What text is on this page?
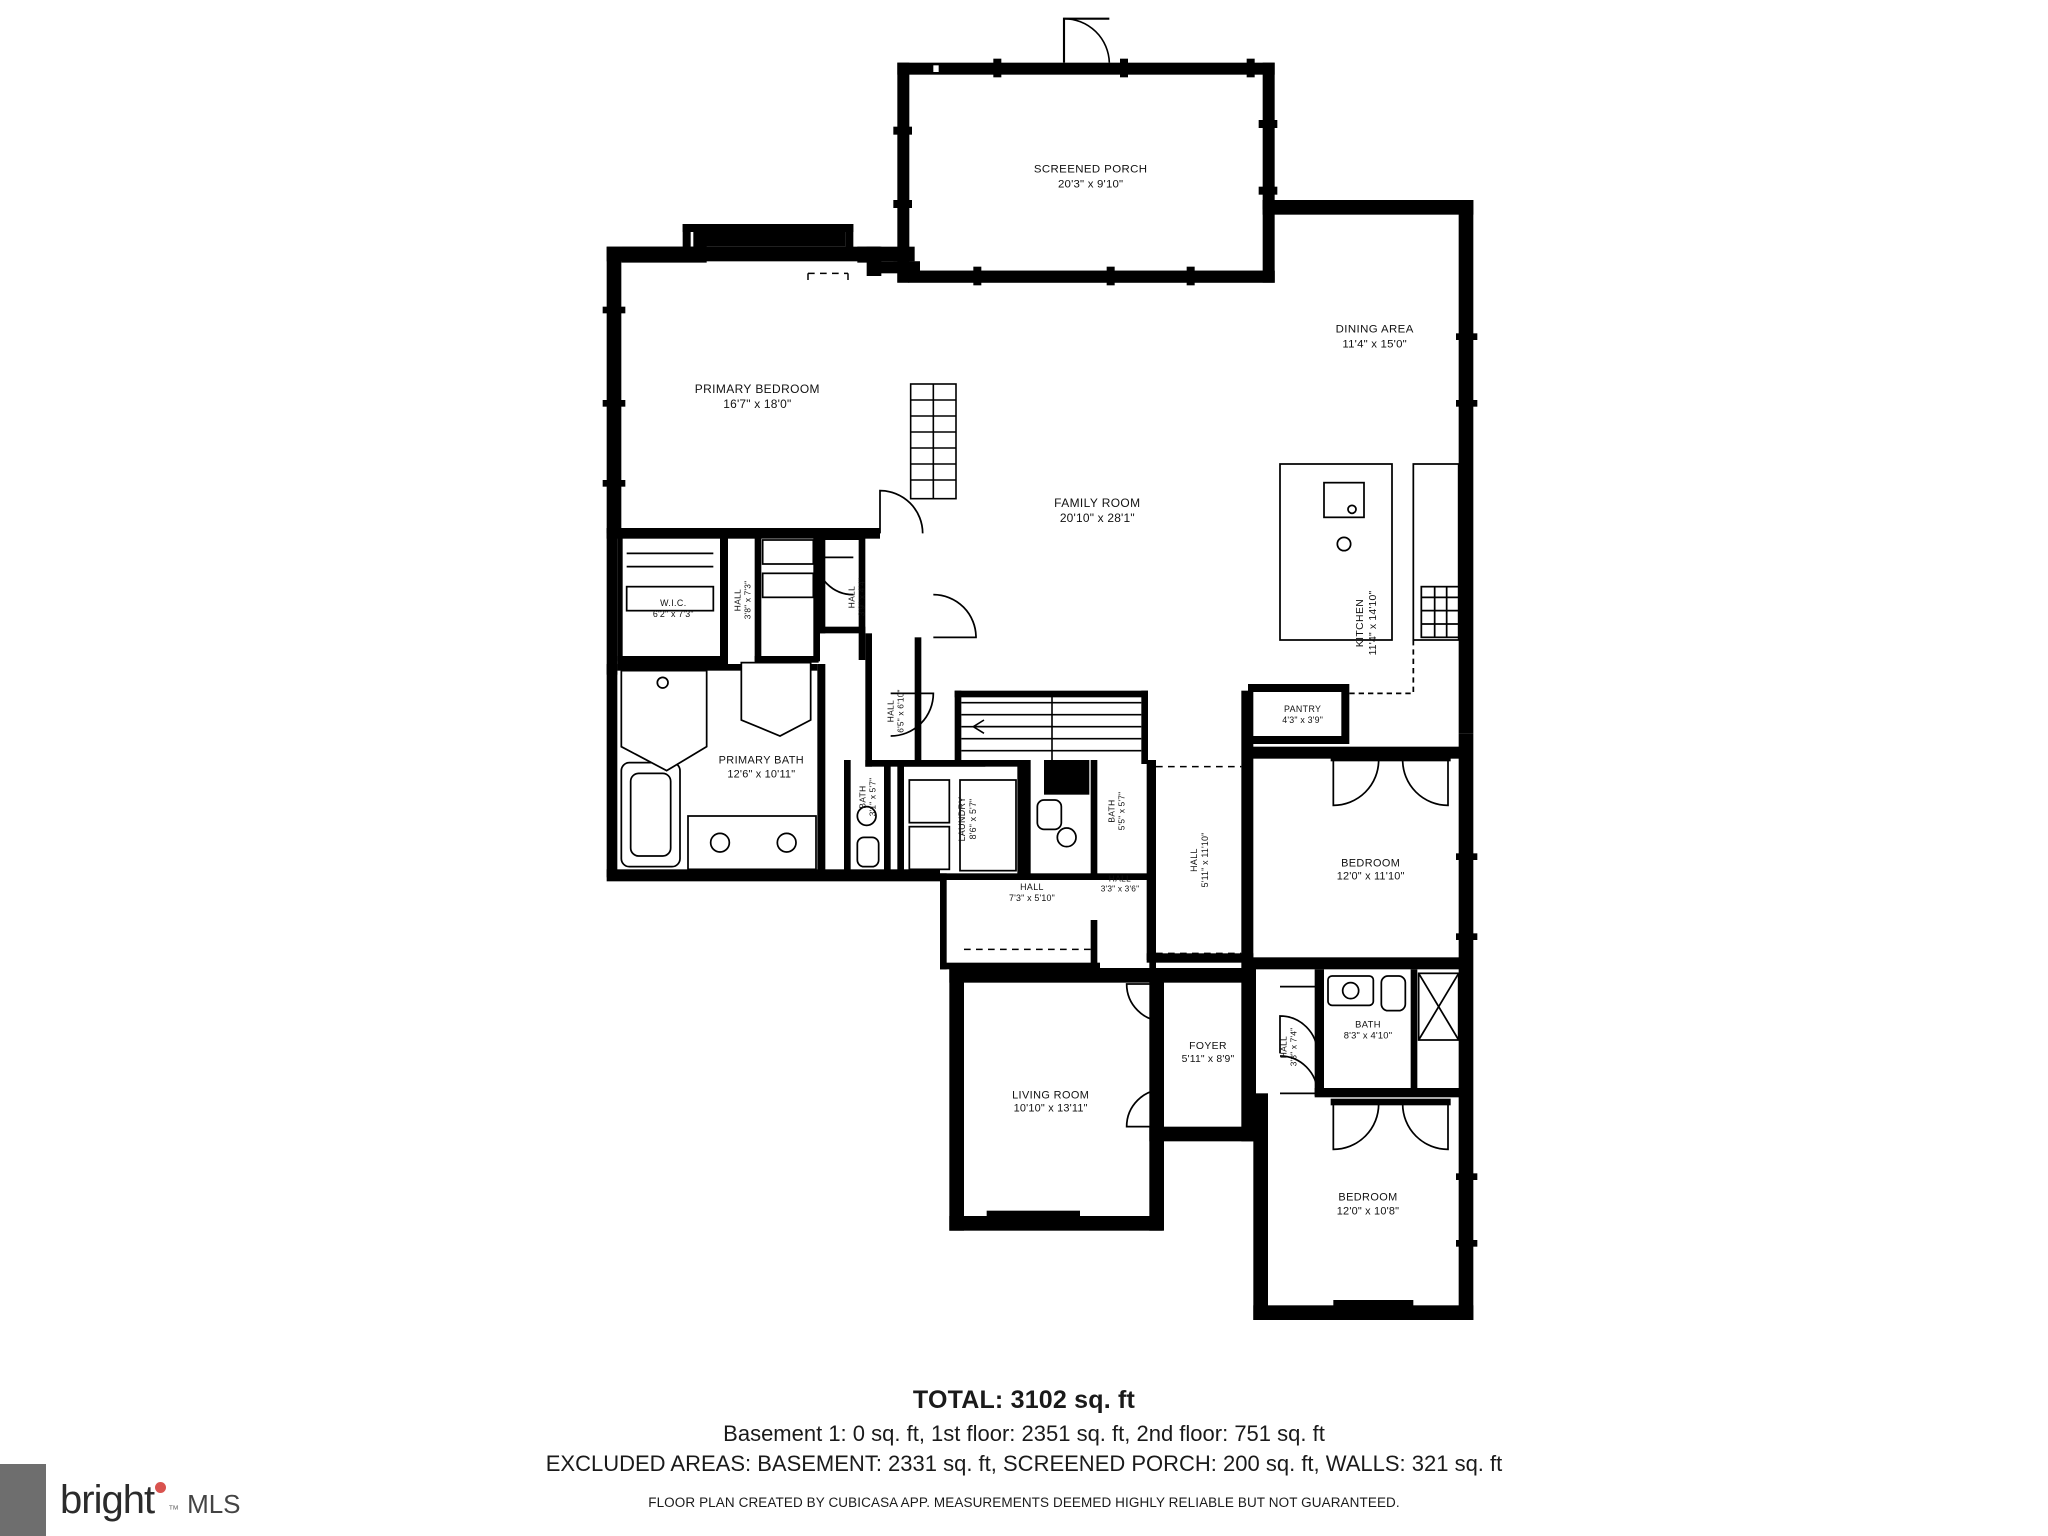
SCREENED PORCH
20'3" x 9'10"
PRIMARY BEDROOM
16'7" x 18'0"
DINING AREA
11'4" x 15'0"
FAMILY ROOM
20'10" x 28'1"
KITCHEN 11'4" x 14'10"
W.I.C.
6'2" x 7'3"
HALL 3'8" x 7'3"	HALL 3'9" x 4'4"
HALL 6'5" x 6'10"	PANTRY
4'3" x 3'9"
PRIMARY BATH
12'6" x 10'11"
BATH 3'1" x 5'7"	LAUNDRY 8'6" x 5'7"	BATH 5'5" x 5'7"
HALL 5'11" x 11'10"	BEDROOM
12'0" x 11'10"
HALL
7'3" x 5'10"
HALL
3'3" x 3'6"
HALL 3'3" x 7'4"
BATH
8'3" x 4'10"
FOYER
5'11" x 8'9"
LIVING ROOM
10'10" x 13'11"
BEDROOM
12'0" x 10'8"
TOTAL: 3102 sq. ft
Basement 1: 0 sq. ft, 1st floor: 2351 sq. ft, 2nd floor: 751 sq. ft
EXCLUDED AREAS: BASEMENT: 2331 sq. ft, SCREENED PORCH: 200 sq. ft, WALLS: 321 sq. ft
FLOOR PLAN CREATED BY CUBICASA APP. MEASUREMENTS DEEMED HIGHLY RELIABLE BUT NOT GUARANTEED.
bright ™ MLS
